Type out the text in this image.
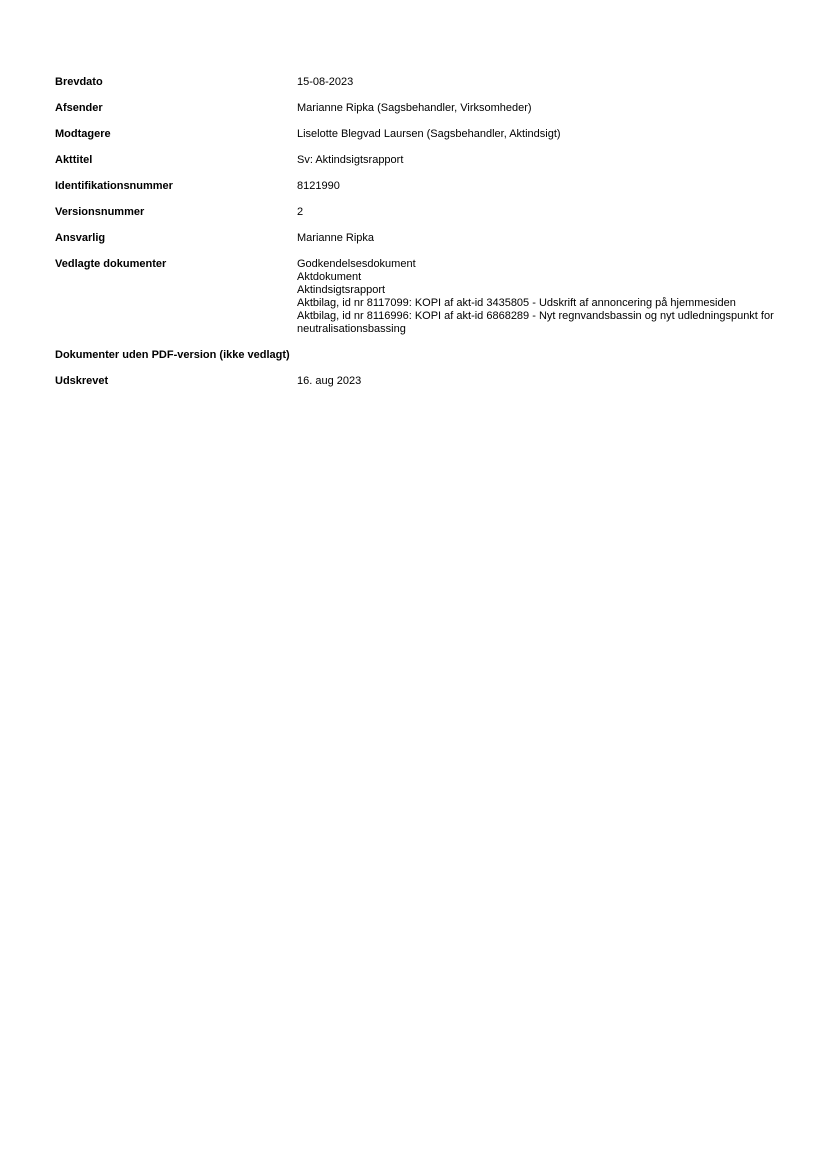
Brevdato	15-08-2023
Afsender	Marianne Ripka (Sagsbehandler, Virksomheder)
Modtagere	Liselotte Blegvad Laursen (Sagsbehandler, Aktindsigt)
Akttitel	Sv: Aktindsigtsrapport
Identifikationsnummer	8121990
Versionsnummer	2
Ansvarlig	Marianne Ripka
Vedlagte dokumenter	Godkendelsesdokument
Aktdokument
Aktindsigtsrapport
Aktbilag, id nr 8117099: KOPI af akt-id 3435805 - Udskrift af annoncering på hjemmesiden
Aktbilag, id nr 8116996: KOPI af akt-id 6868289 - Nyt regnvandsbassin og nyt udledningspunkt for neutralisationsbassing
Dokumenter uden PDF-version (ikke vedlagt)
Udskrevet	16. aug 2023
